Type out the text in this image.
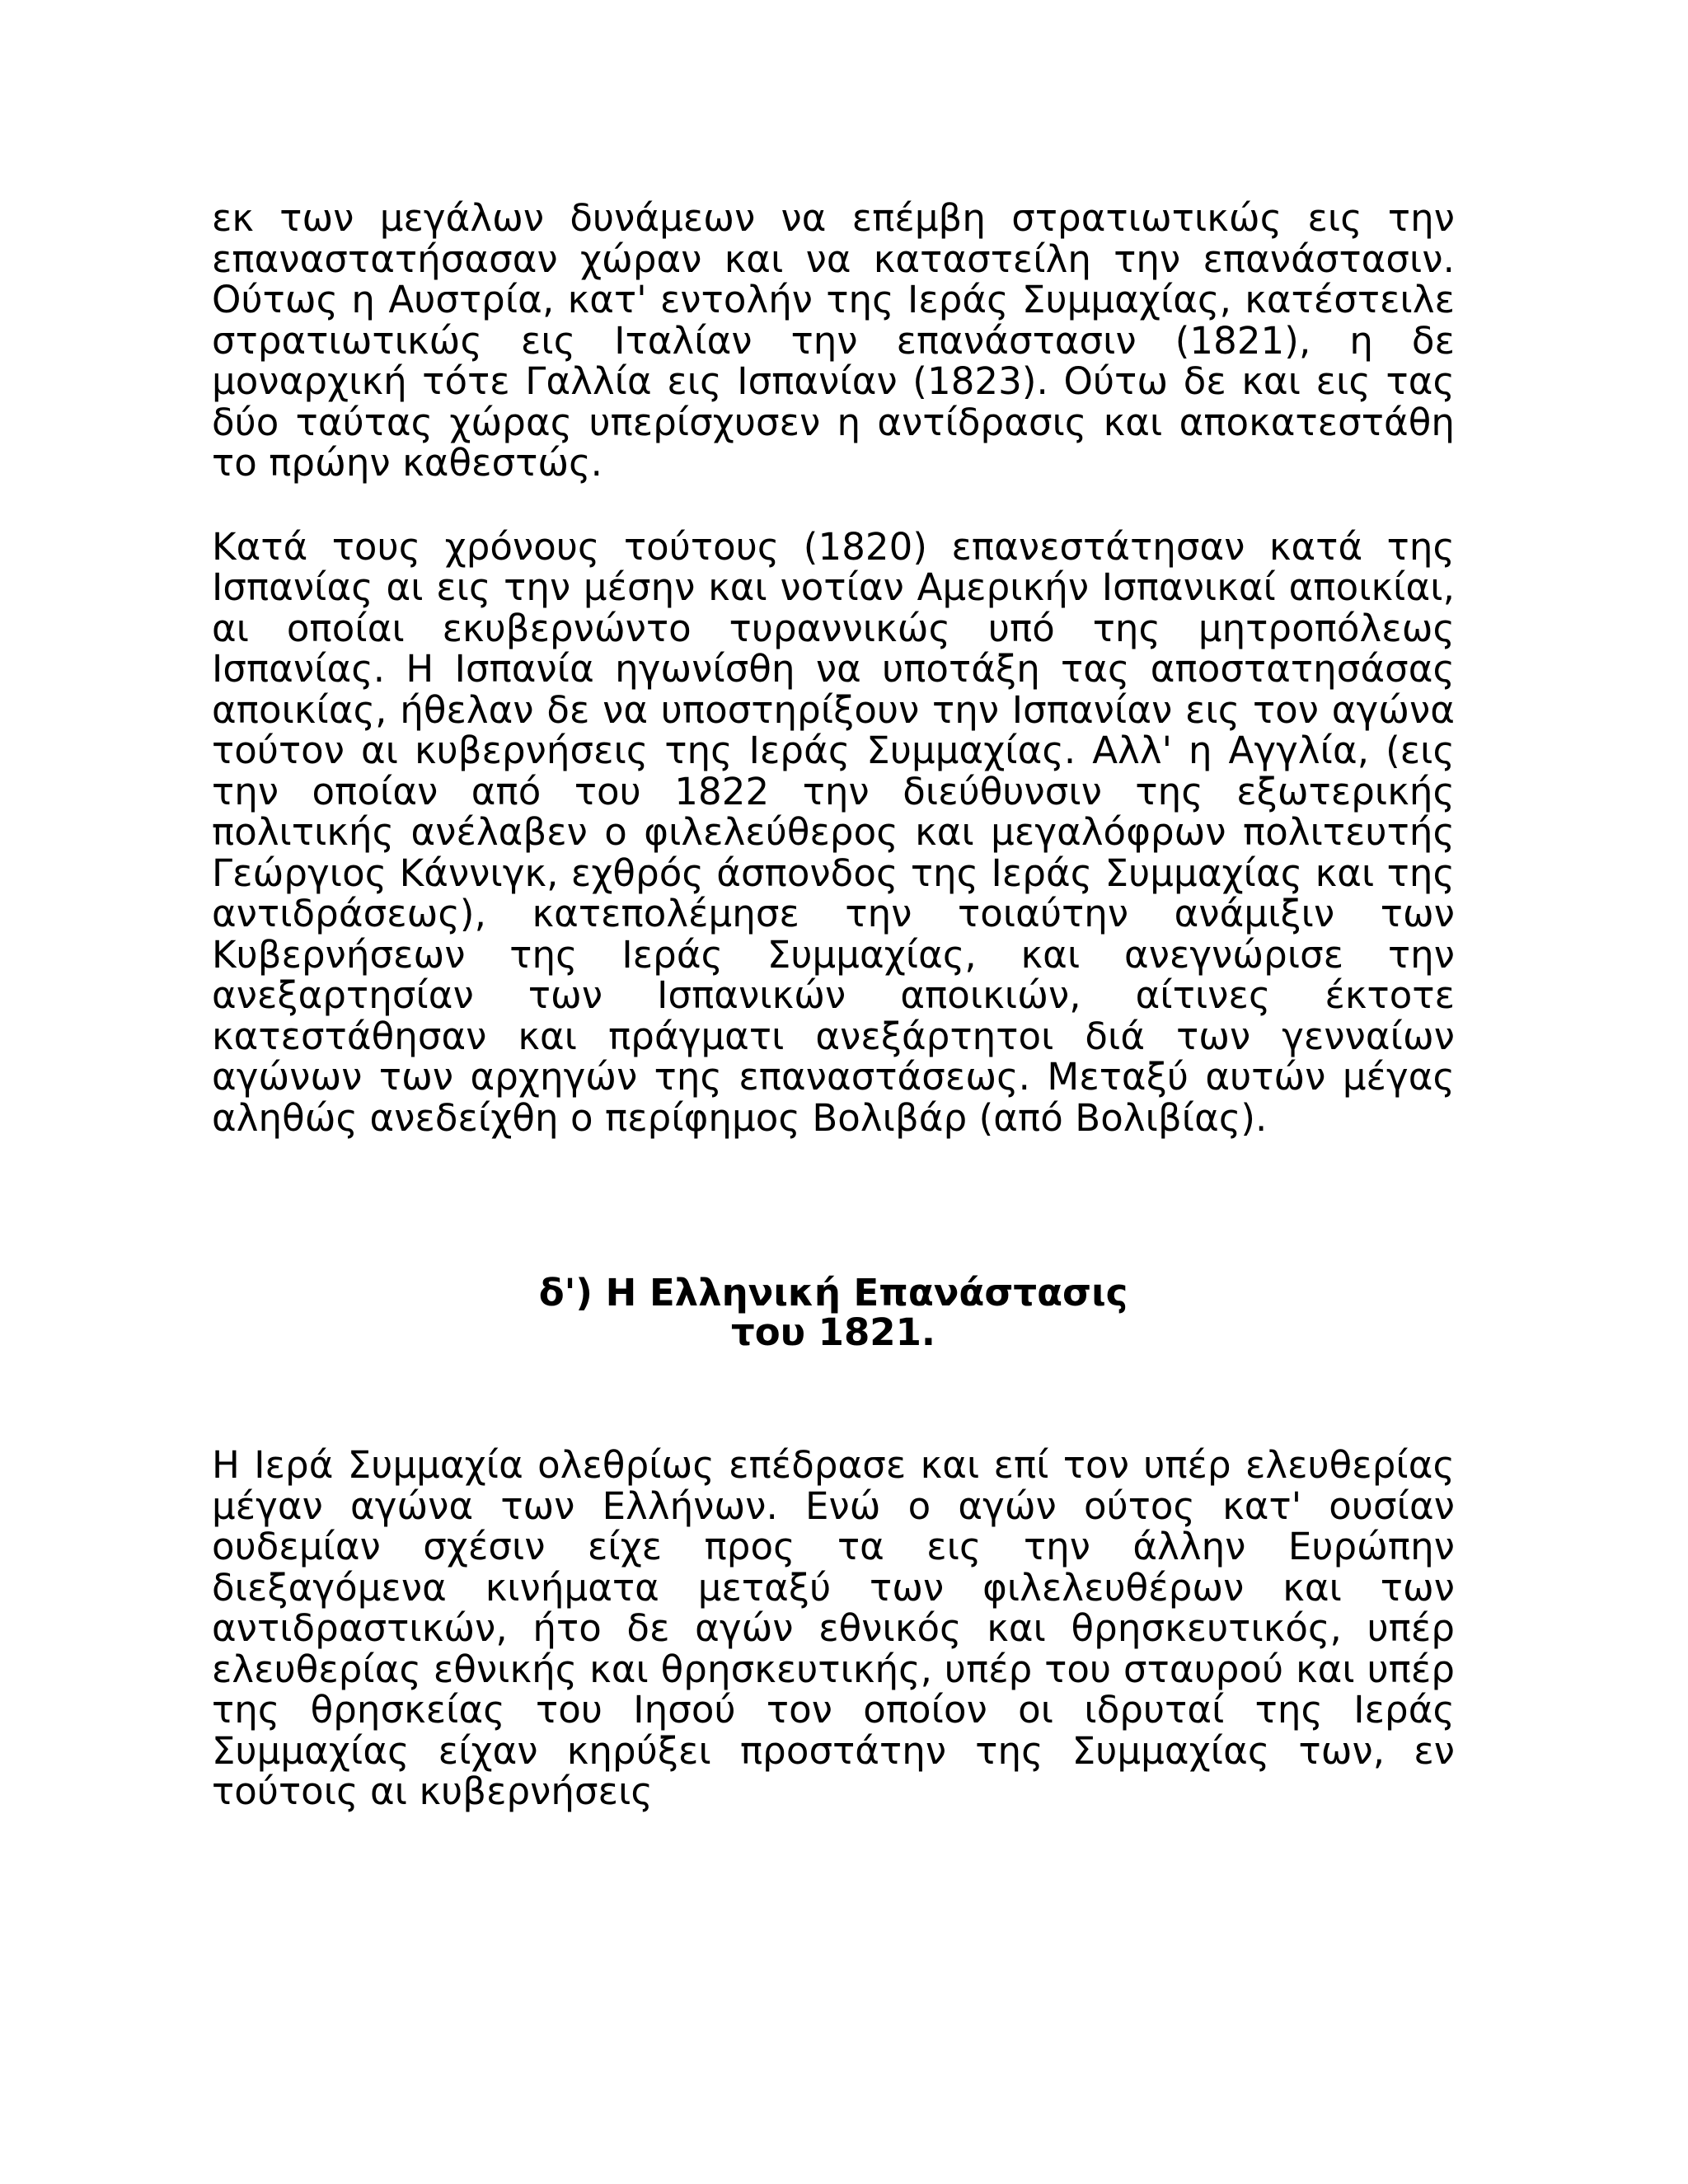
εκ των μεγάλων δυνάμεων να επέμβη στρατιωτικώς εις την επαναστατήσασαν χώραν και να καταστείλη την επανάστασιν. Ούτως η Αυστρία, κατ' εντολήν της Ιεράς Συμμαχίας, κατέστειλε στρατιωτικώς εις Ιταλίαν την επανάστασιν (1821), η δε μοναρχική τότε Γαλλία εις Ισπανίαν (1823). Ούτω δε και εις τας δύο ταύτας χώρας υπερίσχυσεν η αντίδρασις και αποκατεστάθη το πρώην καθεστώς.

Κατά τους χρόνους τούτους (1820) επανεστάτησαν κατά της Ισπανίας αι εις την μέσην και νοτίαν Αμερικήν Ισπανικαί αποικίαι, αι οποίαι εκυβερνώντο τυραννικώς υπό της μητροπόλεως Ισπανίας. Η Ισπανία ηγωνίσθη να υποτάξη τας αποστατησάσας αποικίας, ήθελαν δε να υποστηρίξουν την Ισπανίαν εις τον αγώνα τούτον αι κυβερνήσεις της Ιεράς Συμμαχίας. Αλλ' η Αγγλία, (εις την οποίαν από του 1822 την διεύθυνσιν της εξωτερικής πολιτικής ανέλαβεν ο φιλελεύθερος και μεγαλόφρων πολιτευτής Γεώργιος Κάννιγκ, εχθρός άσπονδος της Ιεράς Συμμαχίας και της αντιδράσεως), κατεπολέμησε την τοιαύτην ανάμιξιν των Κυβερνήσεων της Ιεράς Συμμαχίας, και ανεγνώρισε την ανεξαρτησίαν των Ισπανικών αποικιών, αίτινες έκτοτε κατεστάθησαν και πράγματι ανεξάρτητοι διά των γενναίων αγώνων των αρχηγών της επαναστάσεως. Μεταξύ αυτών μέγας αληθώς ανεδείχθη ο περίφημος Βολιβάρ (από Βολιβίας).

δ') Η Ελληνική Επανάστασις
του 1821.

Η Ιερά Συμμαχία ολεθρίως επέδρασε και επί τον υπέρ ελευθερίας μέγαν αγώνα των Ελλήνων. Ενώ ο αγών ούτος κατ' ουσίαν ουδεμίαν σχέσιν είχε προς τα εις την άλλην Ευρώπην διεξαγόμενα κινήματα μεταξύ των φιλελευθέρων και των αντιδραστικών, ήτο δε αγών εθνικός και θρησκευτικός, υπέρ ελευθερίας εθνικής και θρησκευτικής, υπέρ του σταυρού και υπέρ της θρησκείας του Ιησού τον οποίον οι ιδρυταί της Ιεράς Συμμαχίας είχαν κηρύξει προστάτην της Συμμαχίας των, εν τούτοις αι κυβερνήσεις
